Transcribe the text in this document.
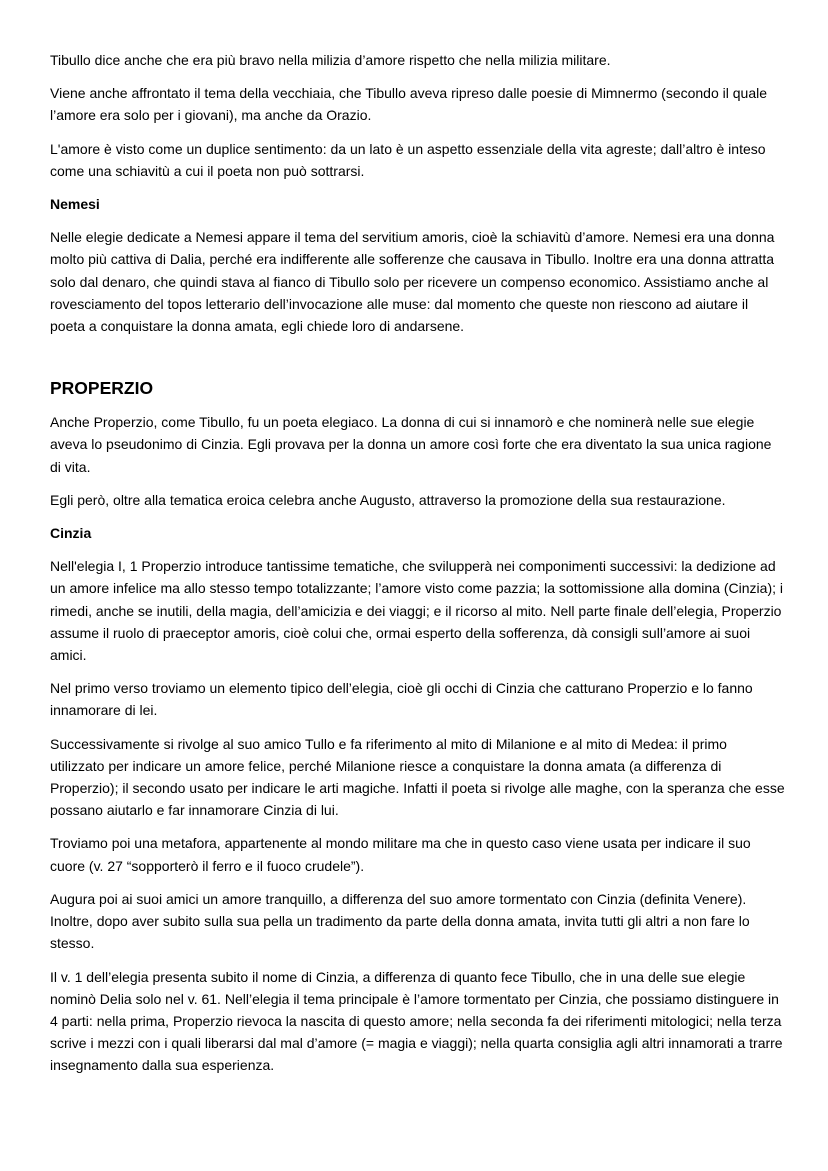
Tibullo dice anche che era più bravo nella milizia d’amore rispetto che nella milizia militare.

Viene anche affrontato il tema della vecchiaia, che Tibullo aveva ripreso dalle poesie di Mimnermo (secondo il quale l’amore era solo per i giovani), ma anche da Orazio.

L'amore è visto come un duplice sentimento: da un lato è un aspetto essenziale della vita agreste; dall’altro è inteso come una schiavitù a cui il poeta non può sottrarsi.

Nemesi

Nelle elegie dedicate a Nemesi appare il tema del servitium amoris, cioè la schiavitù d’amore. Nemesi era una donna molto più cattiva di Dalia, perché era indifferente alle sofferenze che causava in Tibullo. Inoltre era una donna attratta solo dal denaro, che quindi stava al fianco di Tibullo solo per ricevere un compenso economico. Assistiamo anche al rovesciamento del topos letterario dell’invocazione alle muse: dal momento che queste non riescono ad aiutare il poeta a conquistare la donna amata, egli chiede loro di andarsene.

PROPERZIO

Anche Properzio, come Tibullo, fu un poeta elegiaco. La donna di cui si innamorò e che nominerà nelle sue elegie aveva lo pseudonimo di Cinzia. Egli provava per la donna un amore così forte che era diventato la sua unica ragione di vita.

Egli però, oltre alla tematica eroica celebra anche Augusto, attraverso la promozione della sua restaurazione.

Cinzia

Nell'elegia I, 1 Properzio introduce tantissime tematiche, che svilupperà nei componimenti successivi: la dedizione ad un amore infelice ma allo stesso tempo totalizzante; l’amore visto come pazzia; la sottomissione alla domina (Cinzia); i rimedi, anche se inutili, della magia, dell’amicizia e dei viaggi; e il ricorso al mito. Nell parte finale dell’elegia, Properzio assume il ruolo di praeceptor amoris, cioè colui che, ormai esperto della sofferenza, dà consigli sull’amore ai suoi amici.

Nel primo verso troviamo un elemento tipico dell’elegia, cioè gli occhi di Cinzia che catturano Properzio e lo fanno innamorare di lei.

Successivamente si rivolge al suo amico Tullo e fa riferimento al mito di Milanione e al mito di Medea: il primo utilizzato per indicare un amore felice, perché Milanione riesce a conquistare la donna amata (a differenza di Properzio); il secondo usato per indicare le arti magiche. Infatti il poeta si rivolge alle maghe, con la speranza che esse possano aiutarlo e far innamorare Cinzia di lui.

Troviamo poi una metafora, appartenente al mondo militare ma che in questo caso viene usata per indicare il suo cuore (v. 27 “sopporterò il ferro e il fuoco crudele”).

Augura poi ai suoi amici un amore tranquillo, a differenza del suo amore tormentato con Cinzia (definita Venere). Inoltre, dopo aver subito sulla sua pella un tradimento da parte della donna amata, invita tutti gli altri a non fare lo stesso.

Il v. 1 dell’elegia presenta subito il nome di Cinzia, a differenza di quanto fece Tibullo, che in una delle sue elegie nominò Delia solo nel v. 61. Nell’elegia il tema principale è l’amore tormentato per Cinzia, che possiamo distinguere in 4 parti: nella prima, Properzio rievoca la nascita di questo amore; nella seconda fa dei riferimenti mitologici; nella terza scrive i mezzi con i quali liberarsi dal mal d’amore (= magia e viaggi); nella quarta consiglia agli altri innamorati a trarre insegnamento dalla sua esperienza.
